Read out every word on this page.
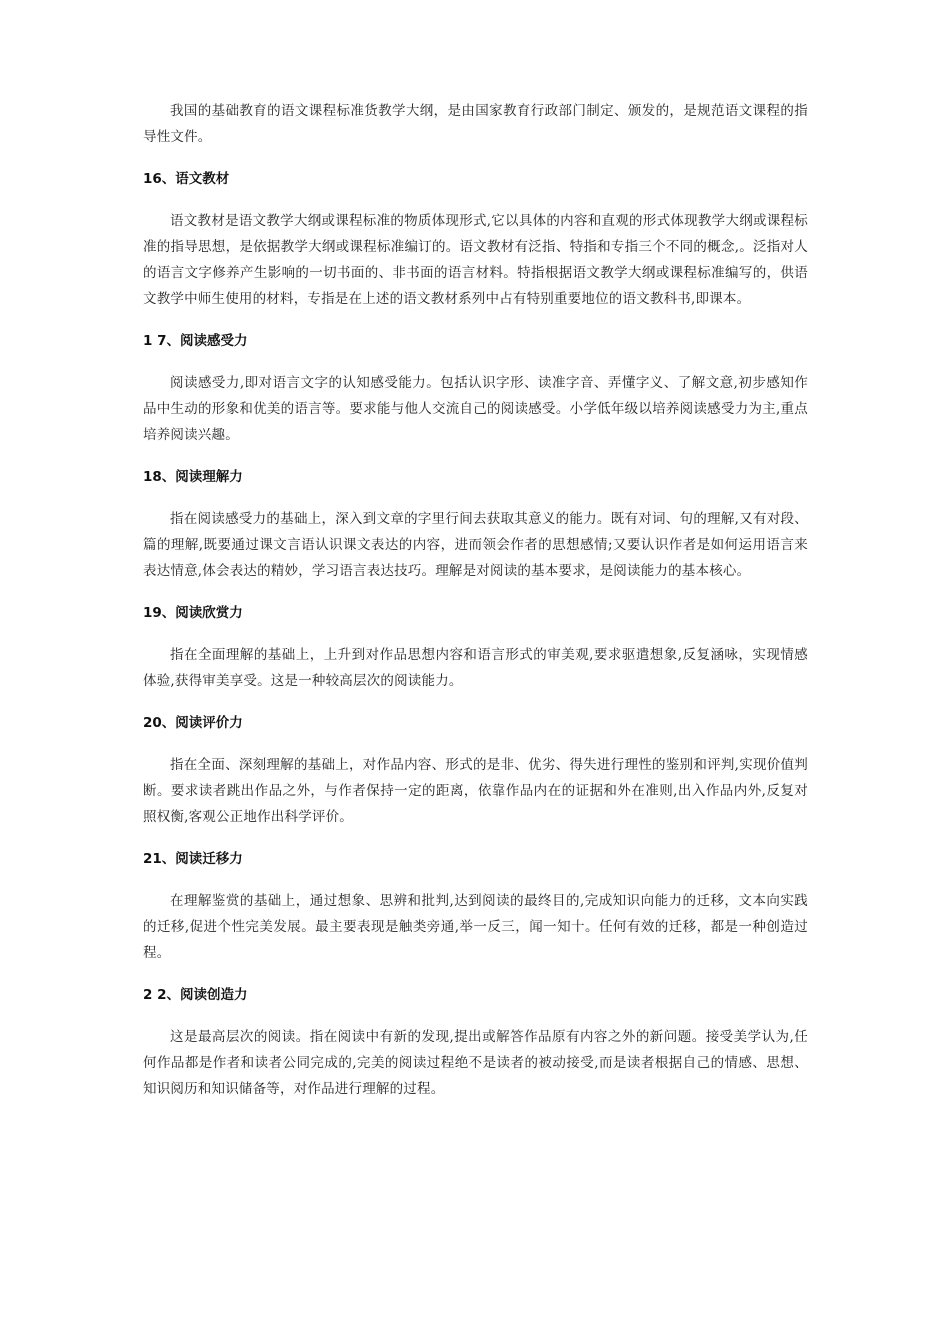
我国的基础教育的语文课程标准货教学大纲，是由国家教育行政部门制定、颁发的，是规范语文课程的指导性文件。

16、语文教材

语文教材是语文教学大纲或课程标准的物质体现形式,它以具体的内容和直观的形式体现教学大纲或课程标准的指导思想，是依据教学大纲或课程标准编订的。语文教材有泛指、特指和专指三个不同的概念,。泛指对人的语言文字修养产生影响的一切书面的、非书面的语言材料。特指根据语文教学大纲或课程标准编写的，供语文教学中师生使用的材料，专指是在上述的语文教材系列中占有特别重要地位的语文教科书,即课本。

1 7、阅读感受力

阅读感受力,即对语言文字的认知感受能力。包括认识字形、读准字音、弄懂字义、了解文意,初步感知作品中生动的形象和优美的语言等。要求能与他人交流自己的阅读感受。小学低年级以培养阅读感受力为主,重点培养阅读兴趣。

18、阅读理解力

指在阅读感受力的基础上，深入到文章的字里行间去获取其意义的能力。既有对词、句的理解,又有对段、篇的理解,既要通过课文言语认识课文表达的内容，进而领会作者的思想感情;又要认识作者是如何运用语言来表达情意,体会表达的精妙，学习语言表达技巧。理解是对阅读的基本要求，是阅读能力的基本核心。

19、阅读欣赏力

指在全面理解的基础上，上升到对作品思想内容和语言形式的审美观,要求驱遣想象,反复涵咏，实现情感体验,获得审美享受。这是一种较高层次的阅读能力。

20、阅读评价力

指在全面、深刻理解的基础上，对作品内容、形式的是非、优劣、得失进行理性的鉴别和评判,实现价值判断。要求读者跳出作品之外，与作者保持一定的距离，依靠作品内在的证据和外在准则,出入作品内外,反复对照权衡,客观公正地作出科学评价。

21、阅读迁移力

在理解鉴赏的基础上，通过想象、思辨和批判,达到阅读的最终目的,完成知识向能力的迁移，文本向实践的迁移,促进个性完美发展。最主要表现是触类旁通,举一反三，闻一知十。任何有效的迁移，都是一种创造过程。

2 2、阅读创造力

这是最高层次的阅读。指在阅读中有新的发现,提出或解答作品原有内容之外的新问题。接受美学认为,任何作品都是作者和读者公同完成的,完美的阅读过程绝不是读者的被动接受,而是读者根据自己的情感、思想、知识阅历和知识储备等，对作品进行理解的过程。
